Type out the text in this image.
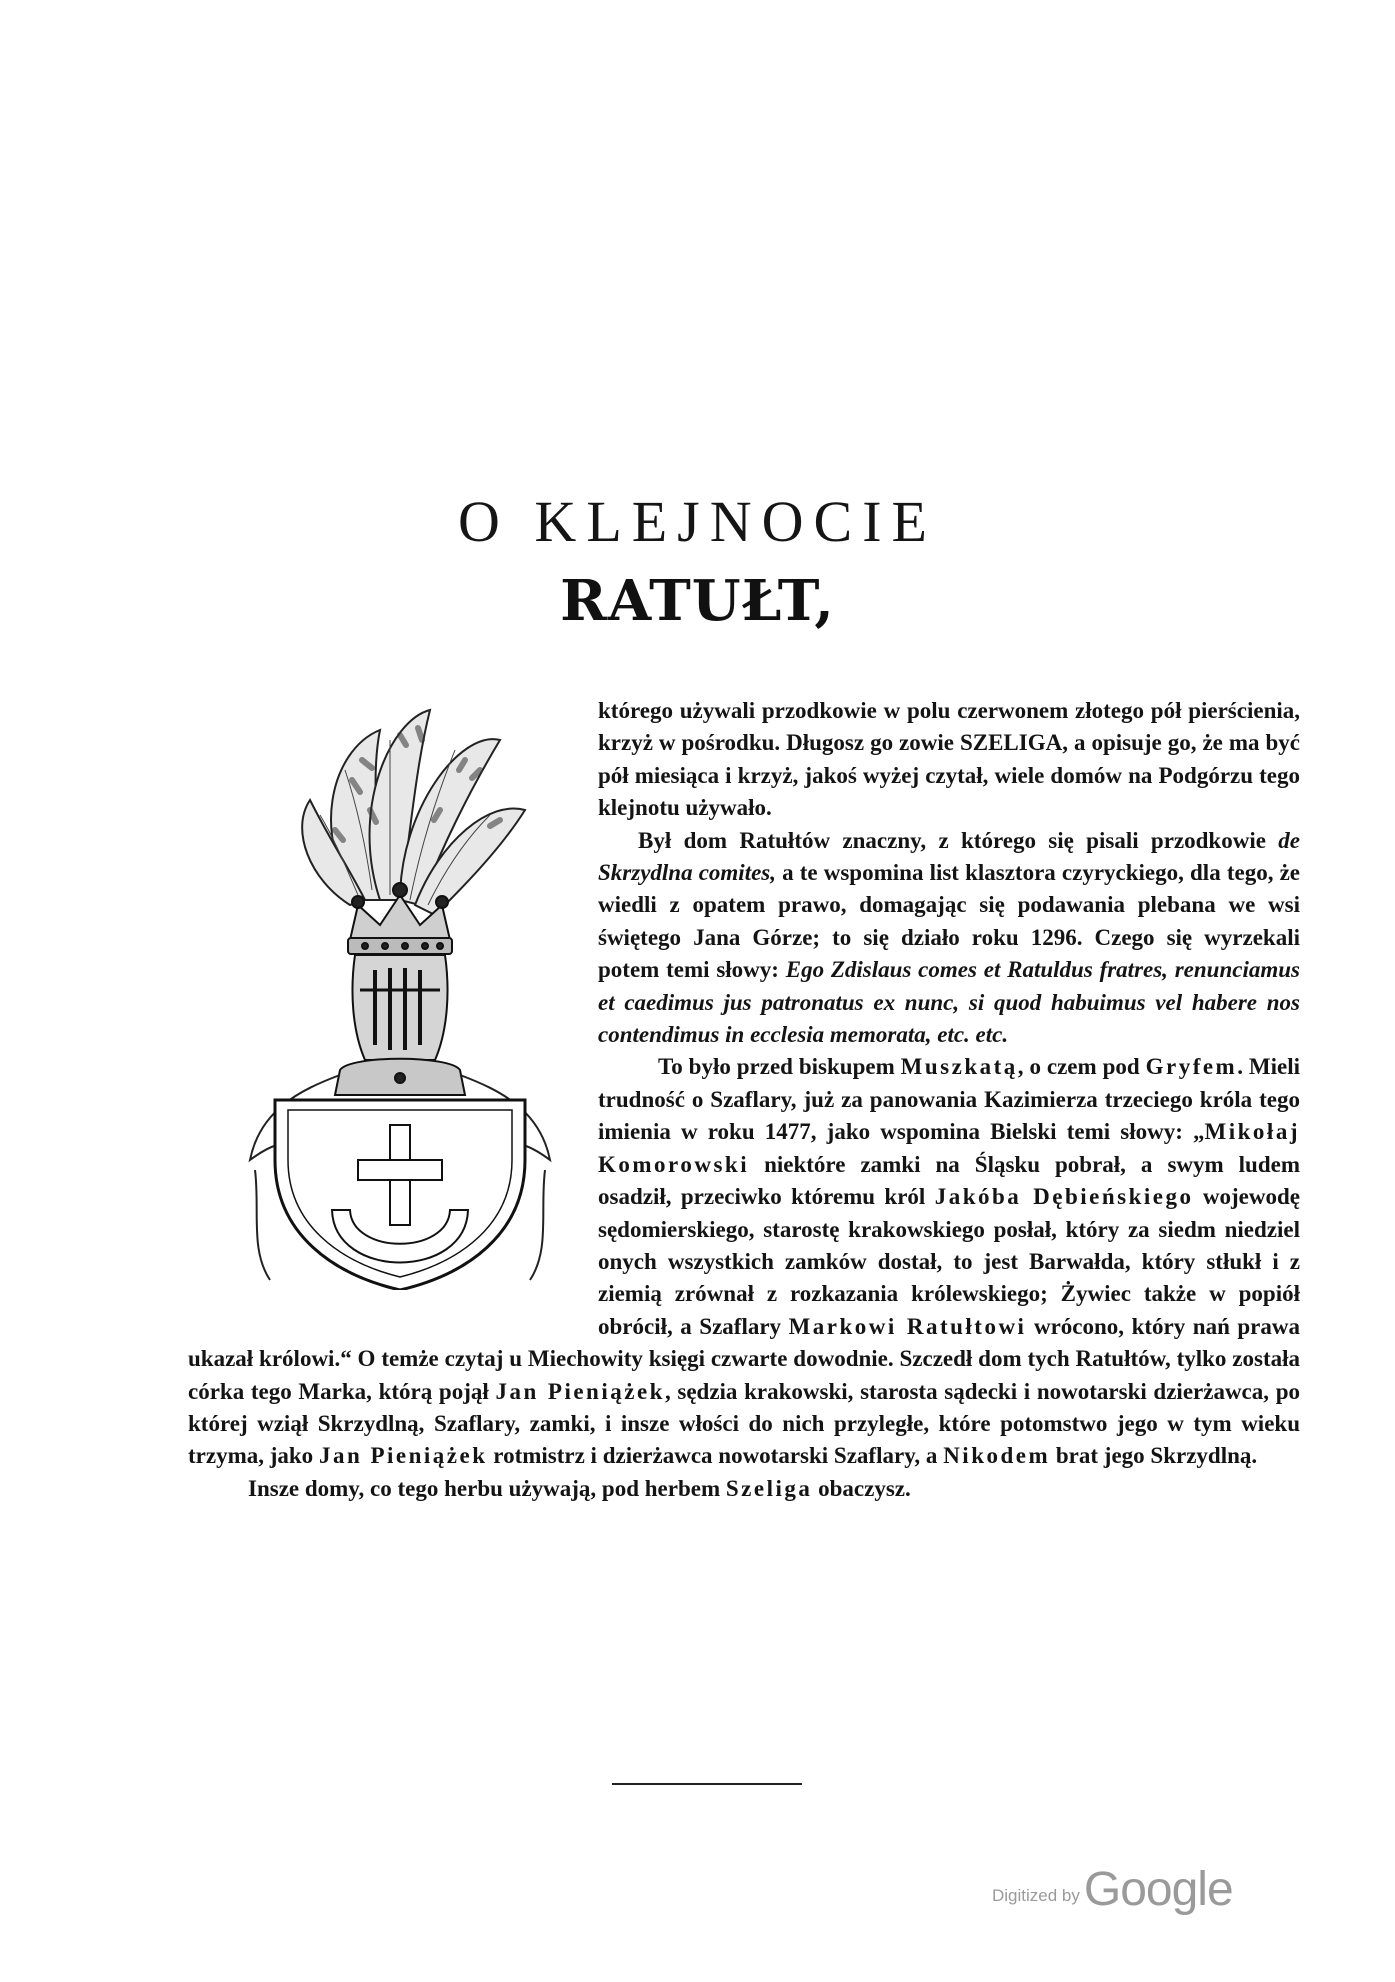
O KLEJNOCIE
RATUŁT,

którego używali przodkowie w polu czerwonem złotego pół pierścienia, krzyż w pośrodku. Długosz go zowie SZELIGA, a opisuje go, że ma być pół miesiąca i krzyż, jakoś wyżej czytał, wiele domów na Podgórzu tego klejnotu używało.

Był dom Ratułtów znaczny, z którego się pisali przodkowie de Skrzydlna comites, a te wspomina list klasztora czyryckiego, dla tego, że wiedli z opatem prawo, domagając się podawania plebana we wsi świętego Jana Górze; to się działo roku 1296. Czego się wyrzekali potem temi słowy: Ego Zdislaus comes et Ratuldus fratres, renunciamus et caedimus jus patronatus ex nunc, si quod habuimus vel habere nos contendimus in ecclesia memorata, etc. etc.

To było przed biskupem Muszkatą, o czem pod Gryfem. Mieli trudność o Szaflary, już za panowania Kazimierza trzeciego króla tego imienia w roku 1477, jako wspomina Bielski temi słowy: „Mikołaj Komorowski niektóre zamki na Śląsku pobrał, a swym ludem osadził, przeciwko któremu król Jakóba Dębieńskiego wojewodę sędomierskiego, starostę krakowskiego posłał, który za siedm niedziel onych wszystkich zamków dostał, to jest Barwałda, który stłukł i z ziemią zrównał z rozkazania królewskiego; Żywiec także w popiół obrócił, a Szaflary Markowi Ratułtowi wrócono, który nań prawa ukazał królowi.“ O temże czytaj u Miechowity księgi czwarte dowodnie. Szczedł dom tych Ratułtów, tylko została córka tego Marka, którą pojął Jan Pieniążek, sędzia krakowski, starosta sądecki i nowotarski dzierżawca, po której wziął Skrzydlną, Szaflary, zamki, i insze włości do nich przyległe, które potomstwo jego w tym wieku trzyma, jako Jan Pieniążek rotmistrz i dzierżawca nowotarski Szaflary, a Nikodem brat jego Skrzydlną.

Insze domy, co tego herbu używają, pod herbem Szeliga obaczysz.

Digitized byGoogle
